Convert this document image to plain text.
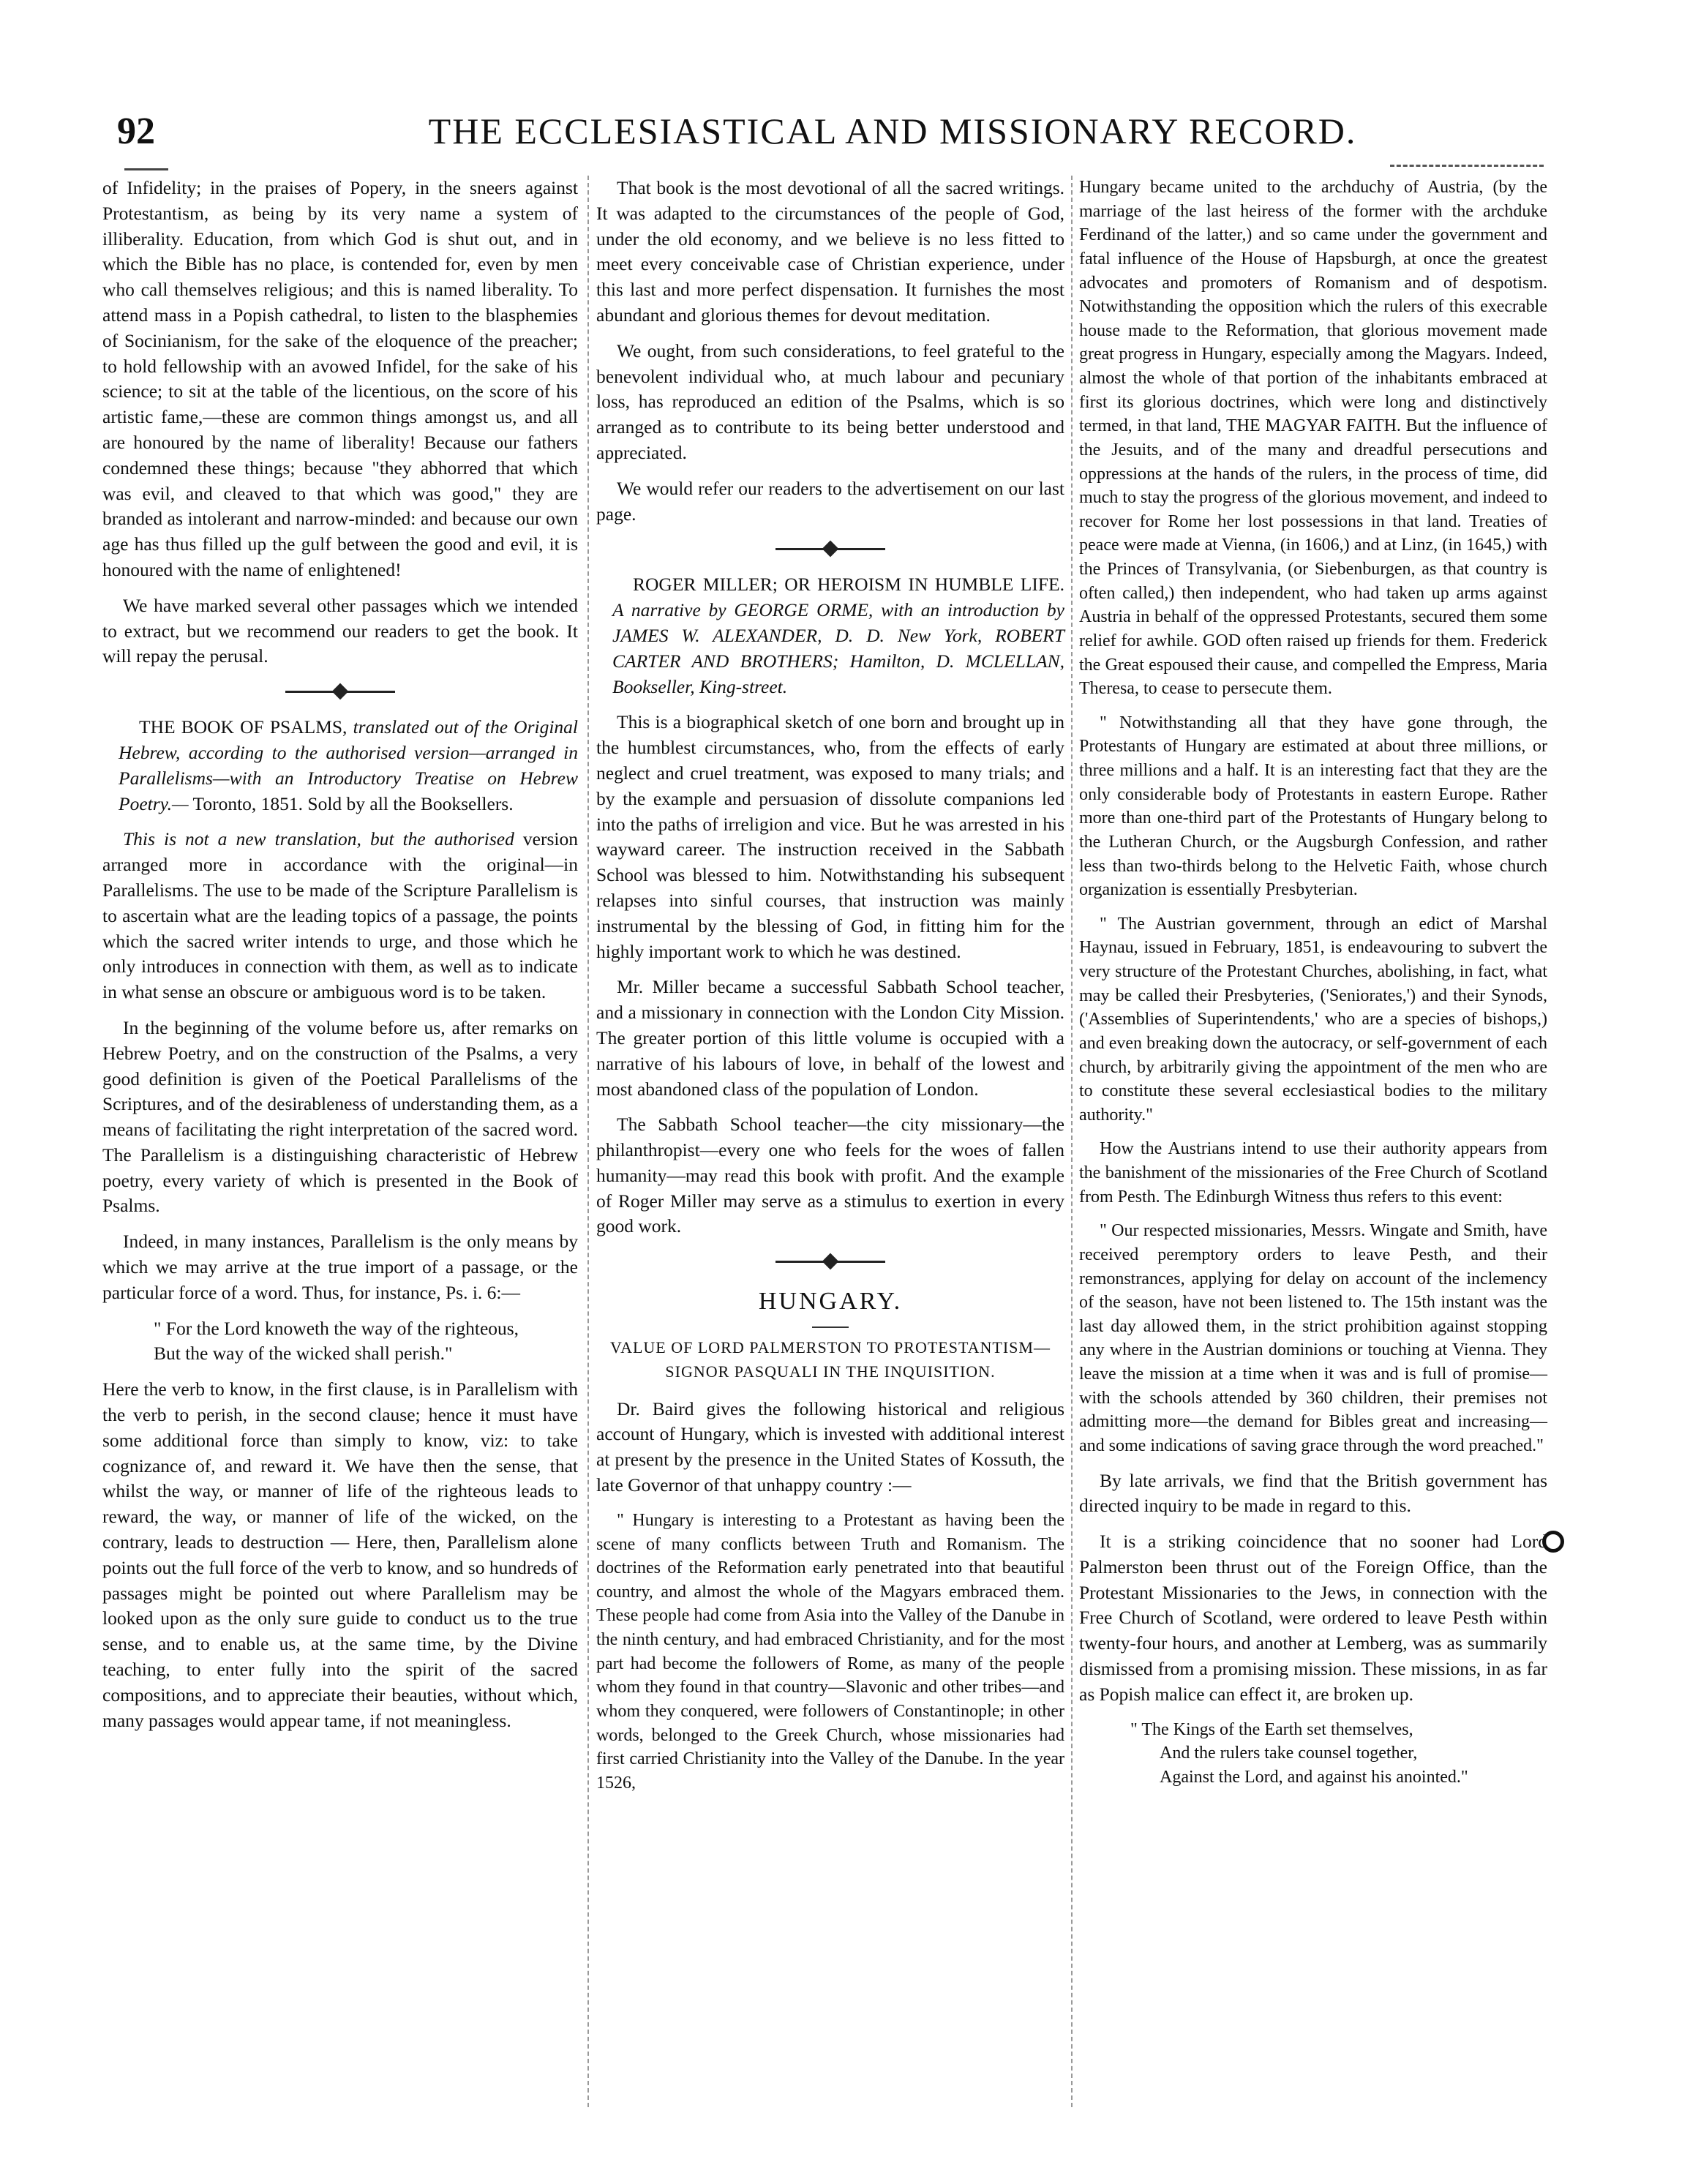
92	THE ECCLESIASTICAL AND MISSIONARY RECORD.

of Infidelity; in the praises of Popery, in the sneers against Protestantism, as being by its very name a system of illiberality. Education, from which God is shut out, and in which the Bible has no place, is contended for, even by men who call themselves religious; and this is named liberality. To attend mass in a Popish cathedral, to listen to the blasphemies of Socinianism, for the sake of the eloquence of the preacher; to hold fellowship with an avowed Infidel, for the sake of his science; to sit at the table of the licentious, on the score of his artistic fame,—these are common things amongst us, and all are honoured by the name of liberality! Because our fathers condemned these things; because "they abhorred that which was evil, and cleaved to that which was good," they are branded as intolerant and narrow-minded: and because our own age has thus filled up the gulf between the good and evil, it is honoured with the name of enlightened!

We have marked several other passages which we intended to extract, but we recommend our readers to get the book. It will repay the perusal.

THE BOOK OF PSALMS, translated out of the Original Hebrew, according to the authorised version—arranged in Parallelisms—with an Introductory Treatise on Hebrew Poetry.— Toronto, 1851. Sold by all the Booksellers.

This is not a new translation, but the authorised version arranged more in accordance with the original—in Parallelisms. The use to be made of the Scripture Parallelism is to ascertain what are the leading topics of a passage, the points which the sacred writer intends to urge, and those which he only introduces in connection with them, as well as to indicate in what sense an obscure or ambiguous word is to be taken.

In the beginning of the volume before us, after remarks on Hebrew Poetry, and on the construction of the Psalms, a very good definition is given of the Poetical Parallelisms of the Scriptures, and of the desirableness of understanding them, as a means of facilitating the right interpretation of the sacred word. The Parallelism is a distinguishing characteristic of Hebrew poetry, every variety of which is presented in the Book of Psalms.

Indeed, in many instances, Parallelism is the only means by which we may arrive at the true import of a passage, or the particular force of a word. Thus, for instance, Ps. i. 6:—

" For the Lord knoweth the way of the righteous,
But the way of the wicked shall perish."

Here the verb to know, in the first clause, is in Parallelism with the verb to perish, in the second clause; hence it must have some additional force than simply to know, viz: to take cognizance of, and reward it. We have then the sense, that whilst the way, or manner of life of the righteous leads to reward, the way, or manner of life of the wicked, on the contrary, leads to destruction — Here, then, Parallelism alone points out the full force of the verb to know, and so hundreds of passages might be pointed out where Parallelism may be looked upon as the only sure guide to conduct us to the true sense, and to enable us, at the same time, by the Divine teaching, to enter fully into the spirit of the sacred compositions, and to appreciate their beauties, without which, many passages would appear tame, if not meaningless.

That book is the most devotional of all the sacred writings. It was adapted to the circumstances of the people of God, under the old economy, and we believe is no less fitted to meet every conceivable case of Christian experience, under this last and more perfect dispensation. It furnishes the most abundant and glorious themes for devout meditation.

We ought, from such considerations, to feel grateful to the benevolent individual who, at much labour and pecuniary loss, has reproduced an edition of the Psalms, which is so arranged as to contribute to its being better understood and appreciated.

We would refer our readers to the advertisement on our last page.

ROGER MILLER; OR HEROISM IN HUMBLE LIFE. A narrative by GEORGE ORME, with an introduction by JAMES W. ALEXANDER, D. D. New York, ROBERT CARTER AND BROTHERS; Hamilton, D. MCLELLAN, Bookseller, King-street.

This is a biographical sketch of one born and brought up in the humblest circumstances, who, from the effects of early neglect and cruel treatment, was exposed to many trials; and by the example and persuasion of dissolute companions led into the paths of irreligion and vice. But he was arrested in his wayward career. The instruction received in the Sabbath School was blessed to him. Notwithstanding his subsequent relapses into sinful courses, that instruction was mainly instrumental by the blessing of God, in fitting him for the highly important work to which he was destined.

Mr. Miller became a successful Sabbath School teacher, and a missionary in connection with the London City Mission. The greater portion of this little volume is occupied with a narrative of his labours of love, in behalf of the lowest and most abandoned class of the population of London.

The Sabbath School teacher—the city missionary—the philanthropist—every one who feels for the woes of fallen humanity—may read this book with profit. And the example of Roger Miller may serve as a stimulus to exertion in every good work.

HUNGARY.
VALUE OF LORD PALMERSTON TO PROTESTANTISM— SIGNOR PASQUALI IN THE INQUISITION.

Dr. Baird gives the following historical and religious account of Hungary, which is invested with additional interest at present by the presence in the United States of Kossuth, the late Governor of that unhappy country :—

" Hungary is interesting to a Protestant as having been the scene of many conflicts between Truth and Romanism. The doctrines of the Reformation early penetrated into that beautiful country, and almost the whole of the Magyars embraced them. These people had come from Asia into the Valley of the Danube in the ninth century, and had embraced Christianity, and for the most part had become the followers of Rome, as many of the people whom they found in that country—Slavonic and other tribes—and whom they conquered, were followers of Constantinople; in other words, belonged to the Greek Church, whose missionaries had first carried Christianity into the Valley of the Danube. In the year 1526,

Hungary became united to the archduchy of Austria, (by the marriage of the last heiress of the former with the archduke Ferdinand of the latter,) and so came under the government and fatal influence of the House of Hapsburgh, at once the greatest advocates and promoters of Romanism and of despotism. Notwithstanding the opposition which the rulers of this execrable house made to the Reformation, that glorious movement made great progress in Hungary, especially among the Magyars. Indeed, almost the whole of that portion of the inhabitants embraced at first its glorious doctrines, which were long and distinctively termed, in that land, THE MAGYAR FAITH. But the influence of the Jesuits, and of the many and dreadful persecutions and oppressions at the hands of the rulers, in the process of time, did much to stay the progress of the glorious movement, and indeed to recover for Rome her lost possessions in that land. Treaties of peace were made at Vienna, (in 1606,) and at Linz, (in 1645,) with the Princes of Transylvania, (or Siebenburgen, as that country is often called,) then independent, who had taken up arms against Austria in behalf of the oppressed Protestants, secured them some relief for awhile. GOD often raised up friends for them. Frederick the Great espoused their cause, and compelled the Empress, Maria Theresa, to cease to persecute them.

" Notwithstanding all that they have gone through, the Protestants of Hungary are estimated at about three millions, or three millions and a half. It is an interesting fact that they are the only considerable body of Protestants in eastern Europe. Rather more than one-third part of the Protestants of Hungary belong to the Lutheran Church, or the Augsburgh Confession, and rather less than two-thirds belong to the Helvetic Faith, whose church organization is essentially Presbyterian.

" The Austrian government, through an edict of Marshal Haynau, issued in February, 1851, is endeavouring to subvert the very structure of the Protestant Churches, abolishing, in fact, what may be called their Presbyteries, ('Seniorates,') and their Synods, ('Assemblies of Superintendents,' who are a species of bishops,) and even breaking down the autocracy, or self-government of each church, by arbitrarily giving the appointment of the men who are to constitute these several ecclesiastical bodies to the military authority."

How the Austrians intend to use their authority appears from the banishment of the missionaries of the Free Church of Scotland from Pesth. The Edinburgh Witness thus refers to this event:

" Our respected missionaries, Messrs. Wingate and Smith, have received peremptory orders to leave Pesth, and their remonstrances, applying for delay on account of the inclemency of the season, have not been listened to. The 15th instant was the last day allowed them, in the strict prohibition against stopping any where in the Austrian dominions or touching at Vienna. They leave the mission at a time when it was and is full of promise—with the schools attended by 360 children, their premises not admitting more—the demand for Bibles great and increasing—and some indications of saving grace through the word preached."

By late arrivals, we find that the British government has directed inquiry to be made in regard to this.

It is a striking coincidence that no sooner had Lord Palmerston been thrust out of the Foreign Office, than the Protestant Missionaries to the Jews, in connection with the Free Church of Scotland, were ordered to leave Pesth within twenty-four hours, and another at Lemberg, was as summarily dismissed from a promising mission. These missions, in as far as Popish malice can effect it, are broken up.

" The Kings of the Earth set themselves,
And the rulers take counsel together,
Against the Lord, and against his anointed."
